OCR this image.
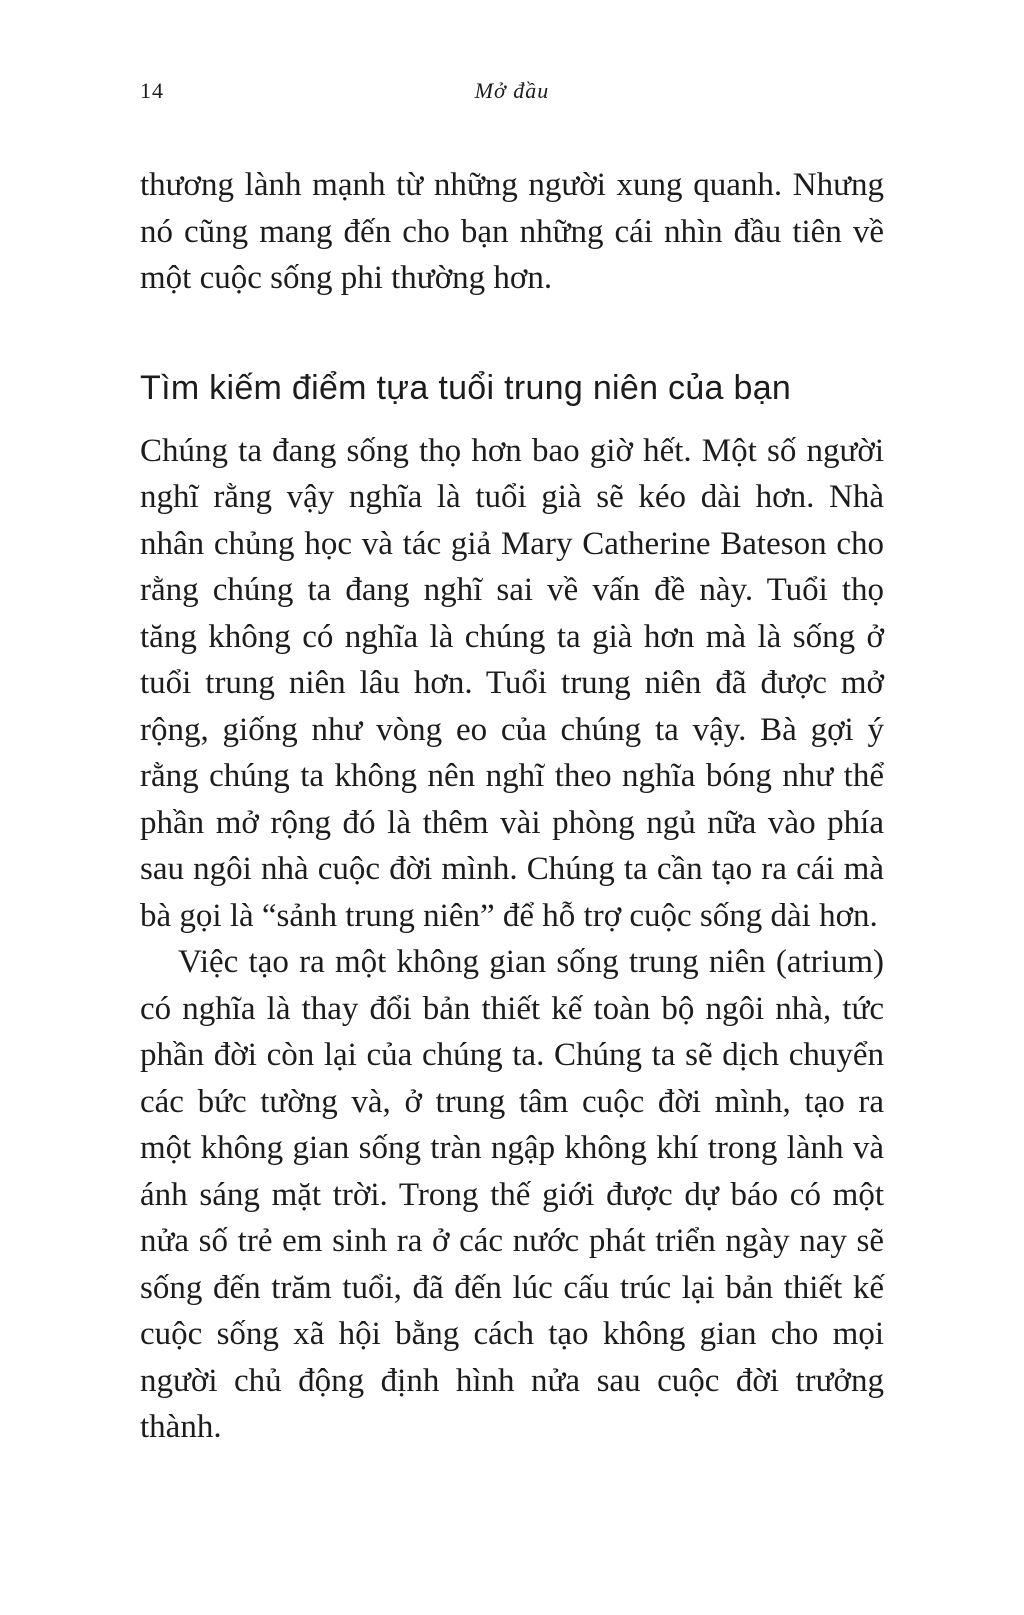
14	Mở đầu

thương lành mạnh từ những người xung quanh. Nhưng nó cũng mang đến cho bạn những cái nhìn đầu tiên về một cuộc sống phi thường hơn.

Tìm kiếm điểm tựa tuổi trung niên của bạn

Chúng ta đang sống thọ hơn bao giờ hết. Một số người nghĩ rằng vậy nghĩa là tuổi già sẽ kéo dài hơn. Nhà nhân chủng học và tác giả Mary Catherine Bateson cho rằng chúng ta đang nghĩ sai về vấn đề này. Tuổi thọ tăng không có nghĩa là chúng ta già hơn mà là sống ở tuổi trung niên lâu hơn. Tuổi trung niên đã được mở rộng, giống như vòng eo của chúng ta vậy. Bà gợi ý rằng chúng ta không nên nghĩ theo nghĩa bóng như thể phần mở rộng đó là thêm vài phòng ngủ nữa vào phía sau ngôi nhà cuộc đời mình. Chúng ta cần tạo ra cái mà bà gọi là “sảnh trung niên” để hỗ trợ cuộc sống dài hơn.

Việc tạo ra một không gian sống trung niên (atrium) có nghĩa là thay đổi bản thiết kế toàn bộ ngôi nhà, tức phần đời còn lại của chúng ta. Chúng ta sẽ dịch chuyển các bức tường và, ở trung tâm cuộc đời mình, tạo ra một không gian sống tràn ngập không khí trong lành và ánh sáng mặt trời. Trong thế giới được dự báo có một nửa số trẻ em sinh ra ở các nước phát triển ngày nay sẽ sống đến trăm tuổi, đã đến lúc cấu trúc lại bản thiết kế cuộc sống xã hội bằng cách tạo không gian cho mọi người chủ động định hình nửa sau cuộc đời trưởng thành.
